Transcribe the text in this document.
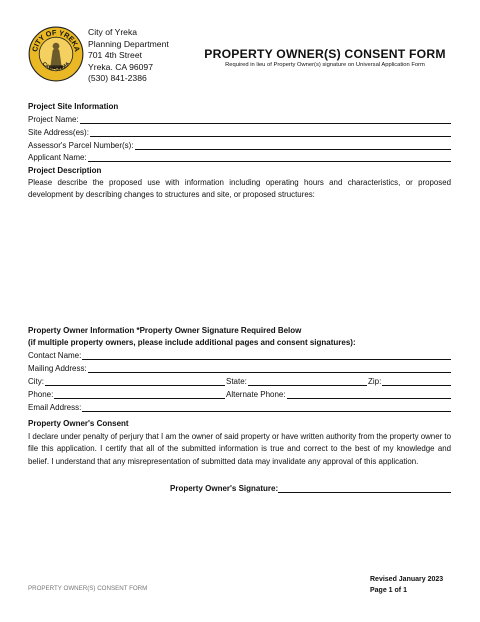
CITY OF YREKA
CALIFORNIA
City of Yreka
Planning Department
701 4th Street
Yreka. CA 96097
(530) 841-2386
PROPERTY OWNER(S) CONSENT FORM
Required in lieu of Property Owner(s) signature on Universal Application Form
Project Site Information
Project Name:
Site Address(es):
Assessor's Parcel Number(s):
Applicant Name:
Project Description
Please describe the proposed use with information including operating hours and characteristics, or proposed development by describing changes to structures and site, or proposed structures:
Property Owner Information *Property Owner Signature Required Below
(if multiple property owners, please include additional pages and consent signatures):
Contact Name:
Mailing Address:
City:	State:	Zip:
Phone:	Alternate Phone:
Email Address:
Property Owner's Consent
I declare under penalty of perjury that I am the owner of said property or have written authority from the property owner to file this application. I certify that all of the submitted information is true and correct to the best of my knowledge and belief. I understand that any misrepresentation of submitted data may invalidate any approval of this application.
Property Owner's Signature:
PROPERTY OWNER(S) CONSENT FORM
Revised January 2023
Page 1 of 1
